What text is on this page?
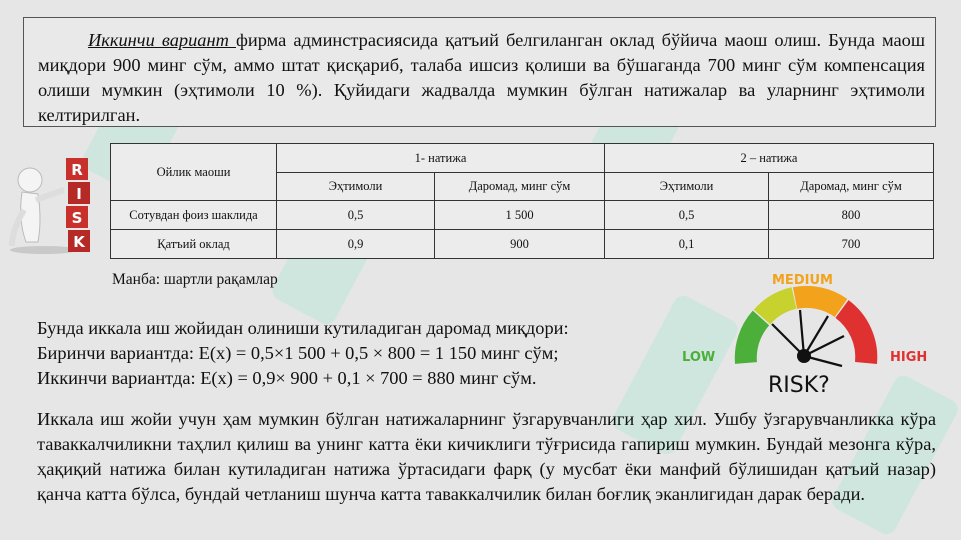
Иккинчи вариант фирма админстрасиясида қатъий белгиланган оклад бўйича маош олиш. Бунда маош миқдори 900 минг сўм, аммо штат қисқариб, талаба ишсиз қолиши ва бўшаганда 700 минг сўм компенсация олиши мумкин (эҳтимоли 10 %). Қуйидаги жадвалда мумкин бўлган натижалар ва уларнинг эҳтимоли келтирилган.
R
I
S
K
Ойлик маоши	1- натижа		2 – натижа	
	Эҳтимоли	Даромад, минг сўм	Эҳтимоли	Даромад, минг сўм
Сотувдан фоиз шаклида	0,5	1 500	0,5	800
Қатъий оклад	0,9	900	0,1	700
Манба: шартли рақамлар
LOW
MEDIUM
HIGH
RISK?
Бунда иккала иш жойидан олиниши кутиладиган даромад миқдори:
Биринчи вариантда: E(x) = 0,5×1 500 + 0,5 × 800 = 1 150 минг сўм;
Иккинчи вариантда: E(x) = 0,9× 900 + 0,1 × 700 = 880 минг сўм.
Иккала иш жойи учун ҳам мумкин бўлган натижаларнинг ўзгарувчанлиги ҳар хил. Ушбу ўзгарувчанликка кўра таваккалчиликни таҳлил қилиш ва унинг катта ёки кичиклиги тўғрисида гапириш мумкин. Бундай мезонга кўра, ҳақиқий натижа билан кутиладиган натижа ўртасидаги фарқ (у мусбат ёки манфий бўлишидан қатъий назар) қанча катта бўлса, бундай четланиш шунча катта таваккалчилик билан боғлиқ эканлигидан дарак беради.
